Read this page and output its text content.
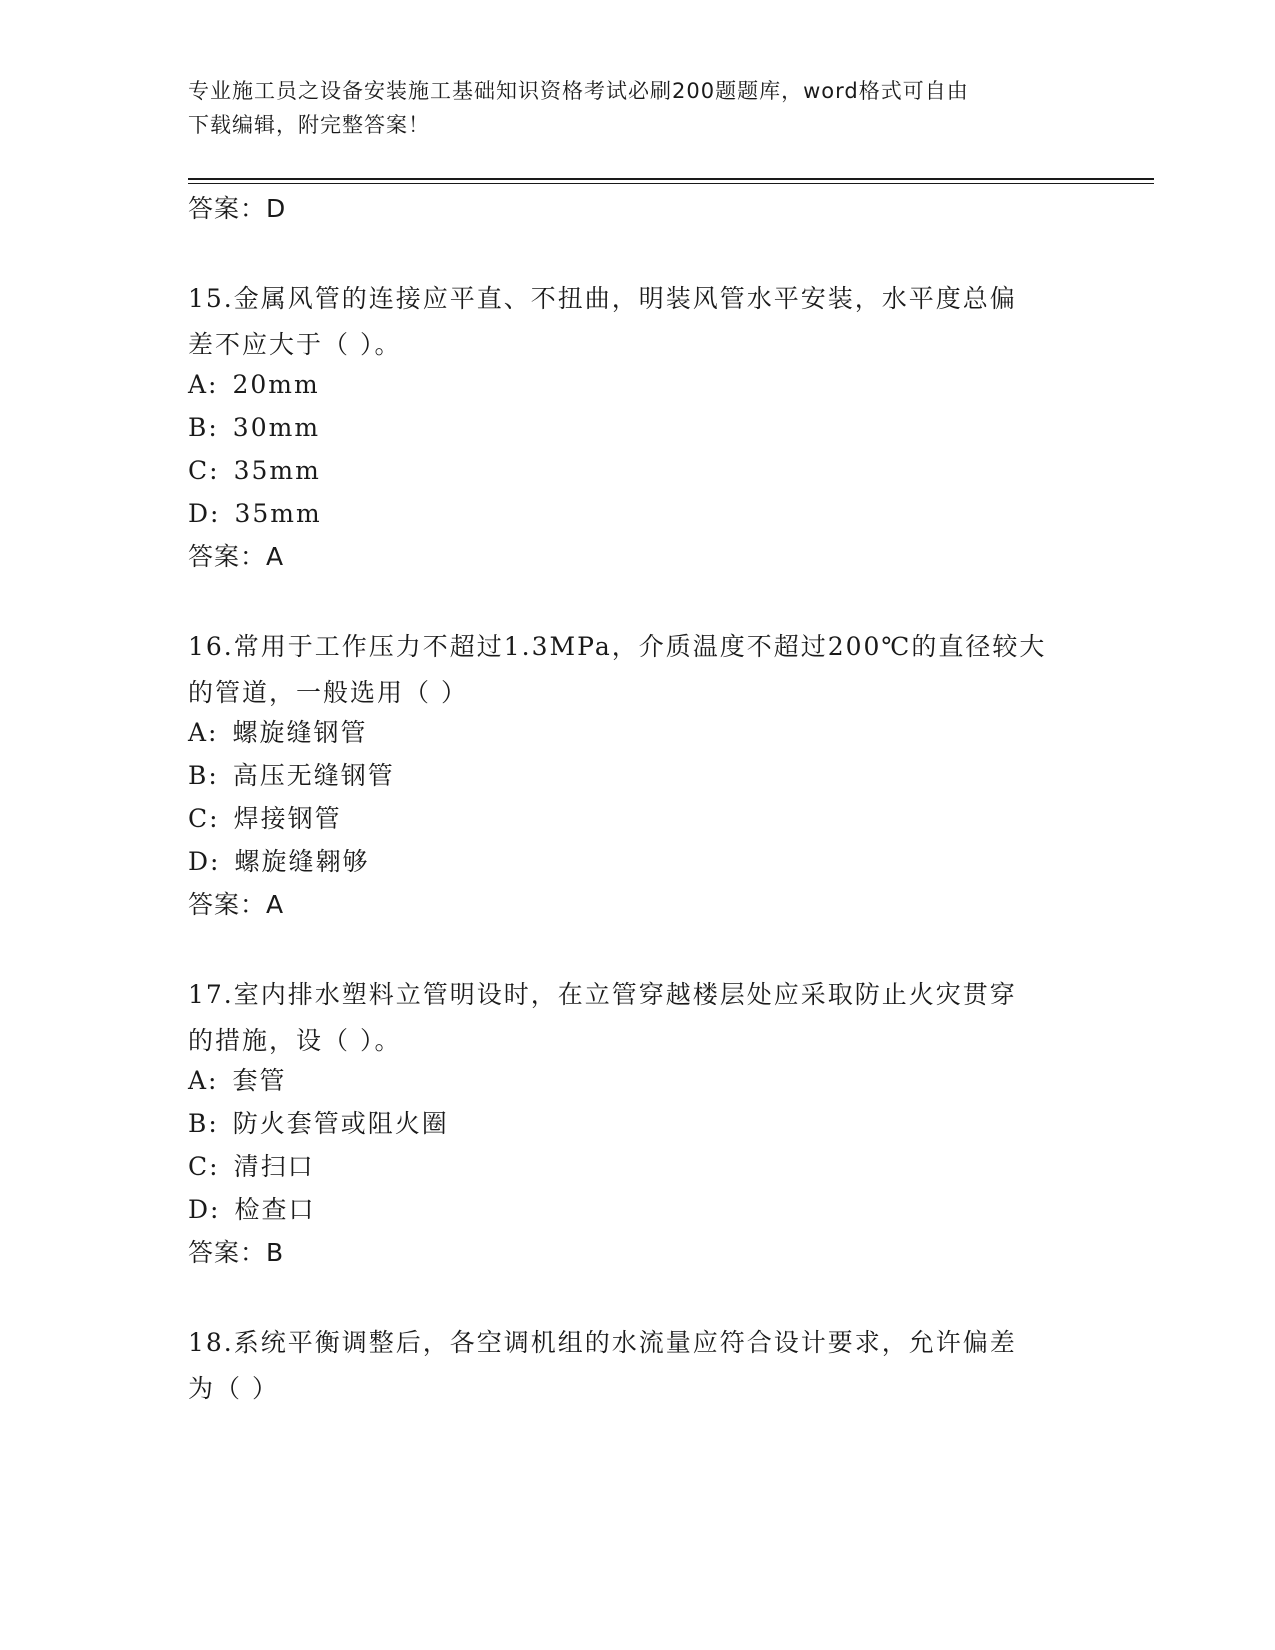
专业施工员之设备安装施工基础知识资格考试必刷200题题库，word格式可自由
下载编辑，附完整答案！
答案：D
15.金属风管的连接应平直、不扭曲，明装风管水平安装，水平度总偏
差不应大于（ ）。
A: 20mm
B: 30mm
C: 35mm
D: 35mm
答案：A
16.常用于工作压力不超过1.3MPa，介质温度不超过200℃的直径较大
的管道，一般选用（ ）
A: 螺旋缝钢管
B: 高压无缝钢管
C: 焊接钢管
D: 螺旋缝翱够
答案：A
17.室内排水塑料立管明设时，在立管穿越楼层处应采取防止火灾贯穿
的措施，设（ ）。
A: 套管
B: 防火套管或阻火圈
C: 清扫口
D: 检查口
答案：B
18.系统平衡调整后，各空调机组的水流量应符合设计要求，允许偏差
为（ ）
